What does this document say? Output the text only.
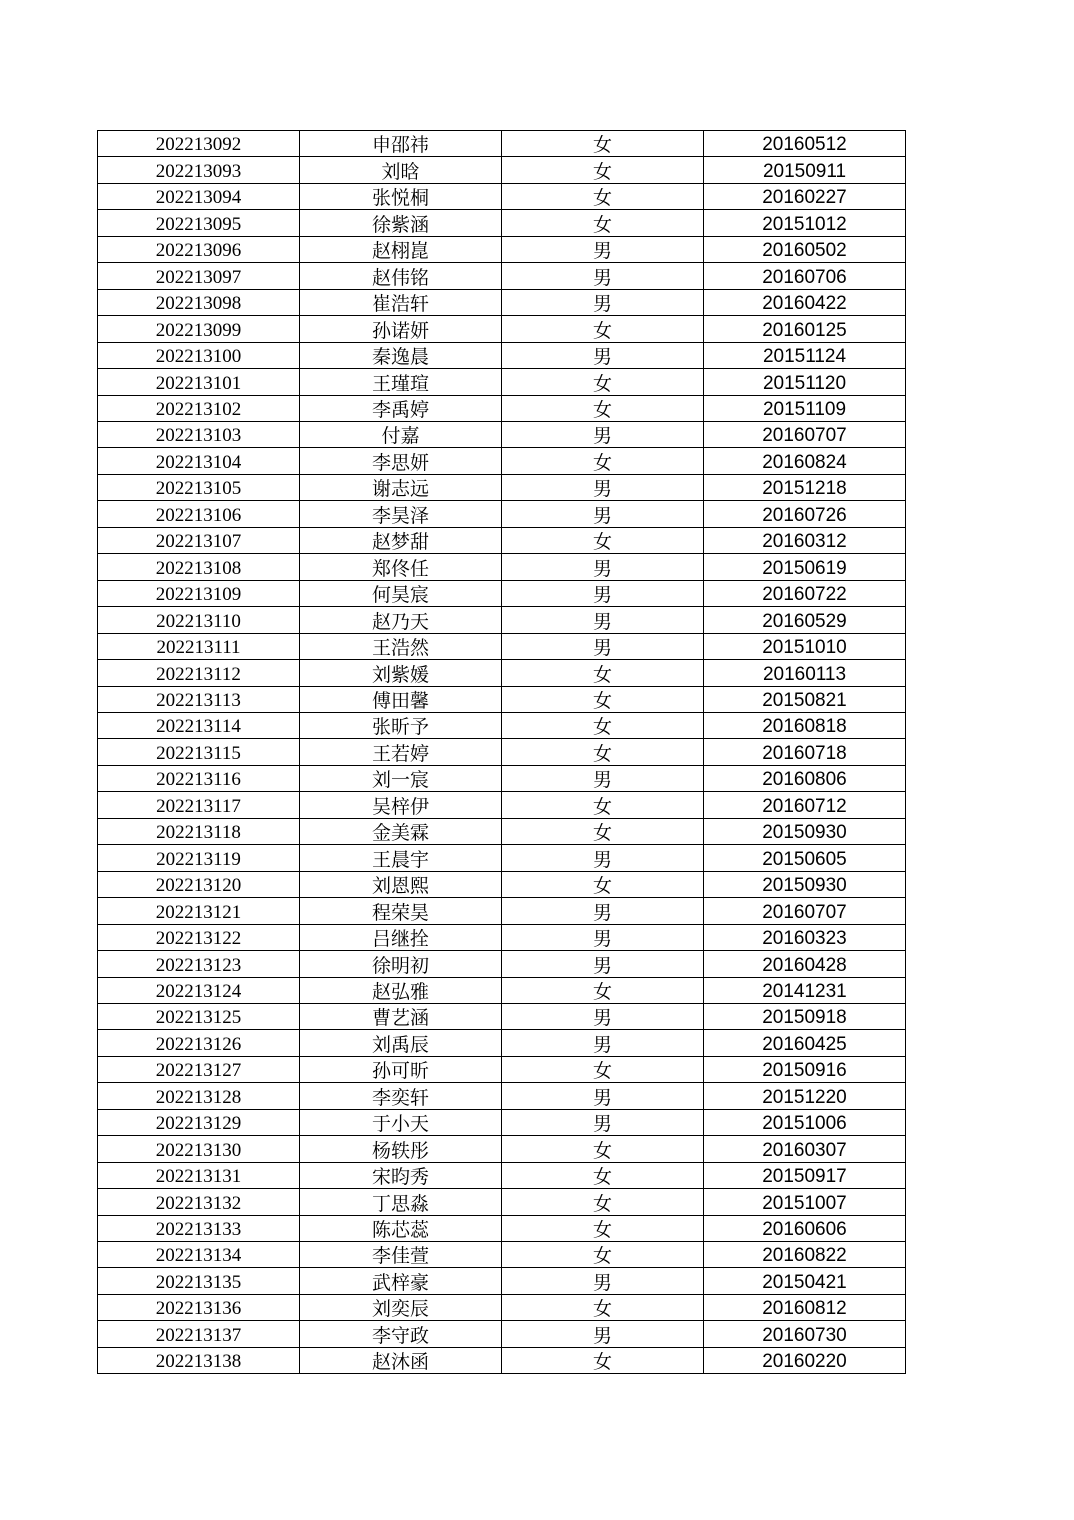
202213092	申邵祎	女	20160512
202213093	刘晗	女	20150911
202213094	张悦桐	女	20160227
202213095	徐紫涵	女	20151012
202213096	赵栩崑	男	20160502
202213097	赵伟铭	男	20160706
202213098	崔浩轩	男	20160422
202213099	孙诺妍	女	20160125
202213100	秦逸晨	男	20151124
202213101	王瑾瑄	女	20151120
202213102	李禹婷	女	20151109
202213103	付嘉	男	20160707
202213104	李思妍	女	20160824
202213105	谢志远	男	20151218
202213106	李昊泽	男	20160726
202213107	赵梦甜	女	20160312
202213108	郑佟任	男	20150619
202213109	何昊宸	男	20160722
202213110	赵乃天	男	20160529
202213111	王浩然	男	20151010
202213112	刘紫媛	女	20160113
202213113	傅田馨	女	20150821
202213114	张昕予	女	20160818
202213115	王若婷	女	20160718
202213116	刘一宸	男	20160806
202213117	吴梓伊	女	20160712
202213118	金美霖	女	20150930
202213119	王晨宇	男	20150605
202213120	刘恩熙	女	20150930
202213121	程荣昊	男	20160707
202213122	吕继拴	男	20160323
202213123	徐明初	男	20160428
202213124	赵弘雅	女	20141231
202213125	曹艺涵	男	20150918
202213126	刘禹辰	男	20160425
202213127	孙可昕	女	20150916
202213128	李奕轩	男	20151220
202213129	于小天	男	20151006
202213130	杨轶彤	女	20160307
202213131	宋昀秀	女	20150917
202213132	丁思淼	女	20151007
202213133	陈芯蕊	女	20160606
202213134	李佳萱	女	20160822
202213135	武梓豪	男	20150421
202213136	刘奕辰	女	20160812
202213137	李守政	男	20160730
202213138	赵沐函	女	20160220
